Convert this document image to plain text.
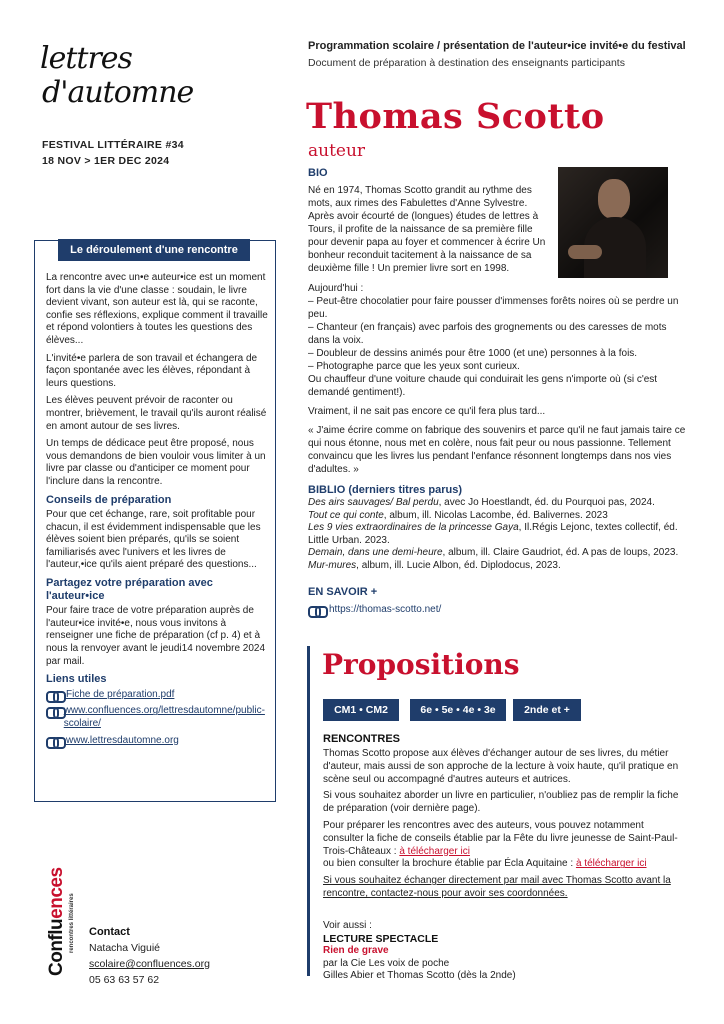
lettres
d'automne
FESTIVAL LITTÉRAIRE #34
18 NOV > 1ER DEC 2024
Programmation scolaire / présentation de l'auteur•ice invité•e du festival
Document de préparation à destination des enseignants participants
Thomas Scotto
auteur
BIO
Né en 1974, Thomas Scotto grandit au rythme des mots, aux rimes des Fabulettes d'Anne Sylvestre. Après avoir écourté de (longues) études de lettres à Tours, il profite de la naissance de sa première fille pour devenir papa au foyer et commencer à écrire Un bonheur reconduit tacitement à la naissance de sa deuxième fille ! Un premier livre sort en 1998.

Aujourd'hui :

– Peut-être chocolatier pour faire pousser d'immenses forêts noires où se perdre un peu.

– Chanteur (en français) avec parfois des grognements ou des caresses de mots dans la voix.

– Doubleur de dessins animés pour être 1000 (et une) personnes à la fois.

– Photographe parce que les yeux sont curieux.

Ou chauffeur d'une voiture chaude qui conduirait les gens n'importe où (si c'est demandé gentiment!).

Vraiment, il ne sait pas encore ce qu'il fera plus tard...

« J'aime écrire comme on fabrique des souvenirs et parce qu'il ne faut jamais taire ce qui nous étonne, nous met en colère, nous fait peur ou nous passionne. Tellement convaincu que les livres lus pendant l'enfance résonnent longtemps dans nos vies d'adultes. »

BIBLIO (derniers titres parus)
Des airs sauvages/ Bal perdu, avec Jo Hoestlandt, éd. du Pourquoi pas, 2024.
Tout ce qui conte, album, ill. Nicolas Lacombe, éd. Balivernes. 2023
Les 9 vies extraordinaires de la princesse Gaya, Il.Régis Lejonc, textes collectif, éd. Little Urban. 2023.
Demain, dans une demi-heure, album, ill. Claire Gaudriot, éd. A pas de loups, 2023.
Mur-mures, album, ill. Lucie Albon, éd. Diplodocus, 2023.
EN SAVOIR +
https://thomas-scotto.net/
Le déroulement d'une rencontre

La rencontre avec un•e auteur•ice est un moment fort dans la vie d'une classe : soudain, le livre devient vivant, son auteur est là, qui se raconte, confie ses réflexions, explique comment il travaille et répond volontiers à toutes les questions des élèves...

L'invité•e parlera de son travail et échangera de façon spontanée avec les élèves, répondant à leurs questions.

Les élèves peuvent prévoir de raconter ou montrer, brièvement, le travail qu'ils auront réalisé en amont autour de ses livres.

Un temps de dédicace peut être proposé, nous vous demandons de bien vouloir vous limiter à un livre par classe ou d'anticiper ce moment pour l'inclure dans la rencontre.

Conseils de préparation

Pour que cet échange, rare, soit profitable pour chacun, il est évidemment indispensable que les élèves soient bien préparés, qu'ils se soient familiarisés avec l'univers et les livres de l'auteur,•ice qu'ils aient préparé des questions...

Partagez votre préparation avec l'auteur•ice

Pour faire trace de votre préparation auprès de l'auteur•ice invité•e, nous vous invitons à renseigner une fiche de préparation (cf p. 4) et à nous la renvoyer avant le jeudi14 novembre 2024 par mail.

Liens utiles
Fiche de préparation.pdf
www.confluences.org/lettresdautomne/public-scolaire/
www.lettresdautomne.org
Propositions
CM1 • CM2	6e • 5e • 4e • 3e	2nde et +
RENCONTRES

Thomas Scotto propose aux élèves d'échanger autour de ses livres, du métier d'auteur, mais aussi de son approche de la lecture à voix haute, qu'il pratique en scène seul ou accompagné d'autres auteurs et autrices.

Si vous souhaitez aborder un livre en particulier, n'oubliez pas de remplir la fiche de préparation (voir dernière page).

Pour préparer les rencontres avec des auteurs, vous pouvez notamment consulter la fiche de conseils établie par la Fête du livre jeunesse de Saint-Paul-Trois-Châteaux : à télécharger ici
ou bien consulter la brochure établie par Écla Aquitaine : à télécharger ici

Si vous souhaitez échanger directement par mail avec Thomas Scotto avant la rencontre, contactez-nous pour avoir ses coordonnées.

Voir aussi :
LECTURE SPECTACLE
Rien de grave
par la Cie Les voix de poche
Gilles Abier et Thomas Scotto (dès la 2nde)
Confluences
rencontres littéraires Contact
Natacha Viguié
scolaire@confluences.org
05 63 63 57 62
